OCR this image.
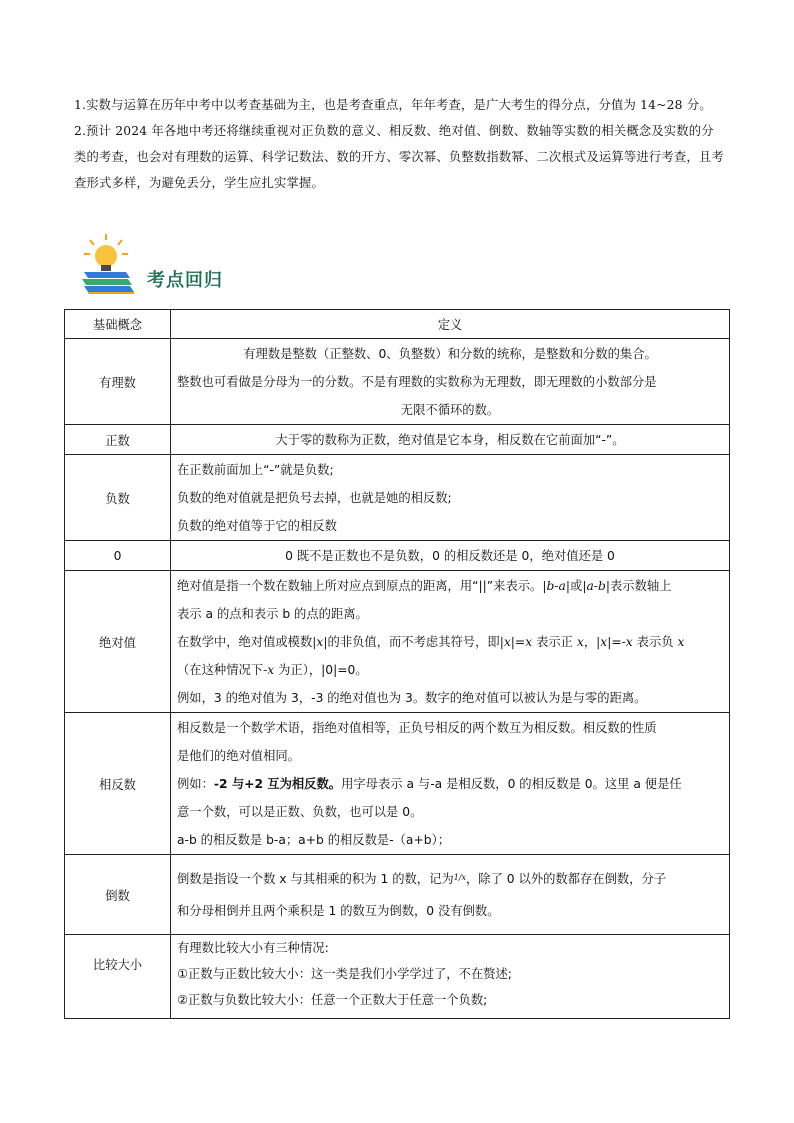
1.实数与运算在历年中考中以考查基础为主，也是考查重点，年年考查，是广大考生的得分点，分值为 14~28 分。

2.预计 2024 年各地中考还将继续重视对正负数的意义、相反数、绝对值、倒数、数轴等实数的相关概念及实数的分类的考查，也会对有理数的运算、科学记数法、数的开方、零次幂、负整数指数幂、二次根式及运算等进行考查，且考查形式多样，为避免丢分，学生应扎实掌握。

考点回归
基础概念	定义
有理数	有理数是整数（正整数、0、负整数）和分数的统称，是整数和分数的集合。
整数也可看做是分母为一的分数。不是有理数的实数称为无理数，即无理数的小数部分是
无限不循环的数。

正数	大于零的数称为正数，绝对值是它本身，相反数在它前面加“-”。
负数	在正数前面加上“-”就是负数;
负数的绝对值就是把负号去掉，也就是她的相反数;
负数的绝对值等于它的相反数

0	0 既不是正数也不是负数，0 的相反数还是 0，绝对值还是 0
绝对值	绝对值是指一个数在数轴上所对应点到原点的距离，用“||”来表示。|b-a|或|a-b|表示数轴上
表示 a 的点和表示 b 的点的距离。
在数学中，绝对值或模数|x|的非负值，而不考虑其符号，即|x|=x 表示正 x，|x|=-x 表示负 x
（在这种情况下-x 为正），|0|=0。
例如，3 的绝对值为 3，-3 的绝对值也为 3。数字的绝对值可以被认为是与零的距离。

相反数	相反数是一个数学术语，指绝对值相等，正负号相反的两个数互为相反数。相反数的性质
是他们的绝对值相同。
例如：-2 与+2 互为相反数。用字母表示 a 与-a 是相反数，0 的相反数是 0。这里 a 便是任
意一个数，可以是正数、负数，也可以是 0。
a-b 的相反数是 b-a；a+b 的相反数是-（a+b）；

倒数	倒数是指设一个数 x 与其相乘的积为 1 的数，记为$^{1/x}$，除了 0 以外的数都存在倒数，分子
和分母相倒并且两个乘积是 1 的数互为倒数，0 没有倒数。

比较大小	有理数比较大小有三种情况:
①正数与正数比较大小：这一类是我们小学学过了，不在赘述;
②正数与负数比较大小：任意一个正数大于任意一个负数;
